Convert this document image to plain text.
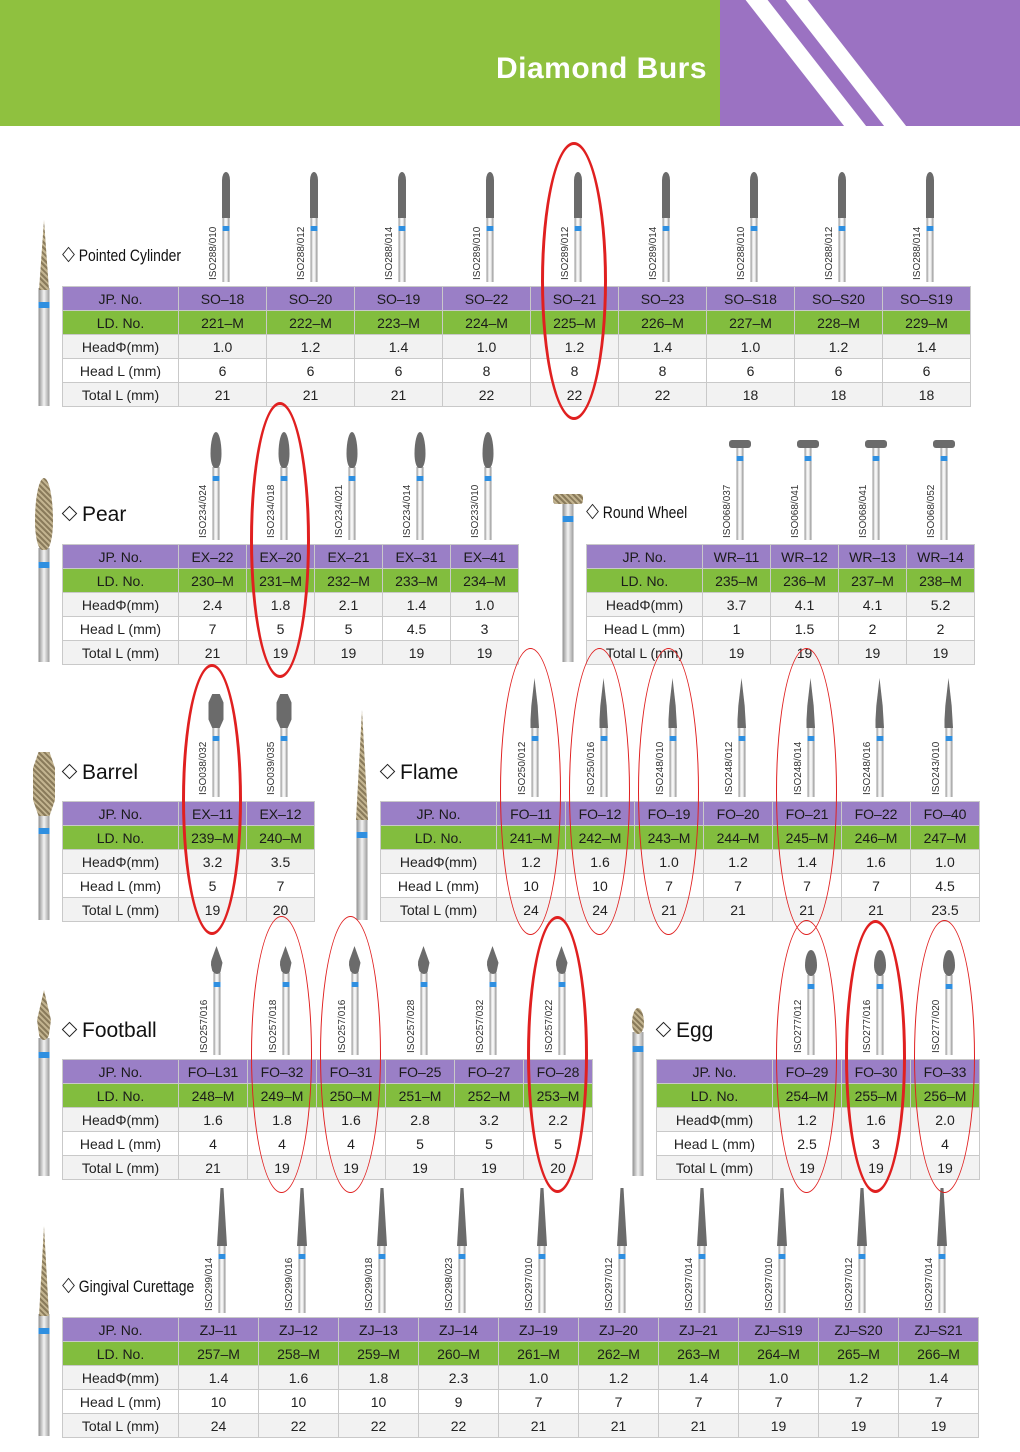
Diamond Burs
Pointed Cylinder
JP. No.	SO–18	SO–20	SO–19	SO–22	SO–21	SO–23	SO–S18	SO–S20	SO–S19
LD. No.	221–M	222–M	223–M	224–M	225–M	226–M	227–M	228–M	229–M
HeadΦ(mm)	1.0	1.2	1.4	1.0	1.2	1.4	1.0	1.2	1.4
Head L (mm)	6	6	6	8	8	8	6	6	6
Total L (mm)	21	21	21	22	22	22	18	18	18
ISO288/010	ISO288/012	ISO288/014	ISO289/010	ISO289/012	ISO289/014	ISO288/010	ISO288/012	ISO288/014
Pear
JP. No.	EX–22	EX–20	EX–21	EX–31	EX–41
LD. No.	230–M	231–M	232–M	233–M	234–M
HeadΦ(mm)	2.4	1.8	2.1	1.4	1.0
Head L (mm)	7	5	5	4.5	3
Total L (mm)	21	19	19	19	19
ISO234/024	ISO234/018	ISO234/021	ISO234/014	ISO233/010	Round Wheel
JP. No.	WR–11	WR–12	WR–13	WR–14
LD. No.	235–M	236–M	237–M	238–M
HeadΦ(mm)	3.7	4.1	4.1	5.2
Head L (mm)	1	1.5	2	2
Total L (mm)	19	19	19	19
ISO068/037	ISO068/041	ISO068/041	ISO068/052
Barrel
JP. No.	EX–11	EX–12
LD. No.	239–M	240–M
HeadΦ(mm)	3.2	3.5
Head L (mm)	5	7
Total L (mm)	19	20
ISO038/032	ISO039/035	Flame
JP. No.	FO–11	FO–12	FO–19	FO–20	FO–21	FO–22	FO–40
LD. No.	241–M	242–M	243–M	244–M	245–M	246–M	247–M
HeadΦ(mm)	1.2	1.6	1.0	1.2	1.4	1.6	1.0
Head L (mm)	10	10	7	7	7	7	4.5
Total L (mm)	24	24	21	21	21	21	23.5
ISO250/012	ISO250/016	ISO248/010	ISO248/012	ISO248/014	ISO248/016	ISO243/010
Football
JP. No.	FO–L31	FO–32	FO–31	FO–25	FO–27	FO–28
LD. No.	248–M	249–M	250–M	251–M	252–M	253–M
HeadΦ(mm)	1.6	1.8	1.6	2.8	3.2	2.2
Head L (mm)	4	4	4	5	5	5
Total L (mm)	21	19	19	19	19	20
ISO257/016	ISO257/018	ISO257/016	ISO257/028	ISO257/032	ISO257/022	Egg
JP. No.	FO–29	FO–30	FO–33
LD. No.	254–M	255–M	256–M
HeadΦ(mm)	1.2	1.6	2.0
Head L (mm)	2.5	3	4
Total L (mm)	19	19	19
ISO277/012	ISO277/016	ISO277/020
Gingival Curettage
JP. No.	ZJ–11	ZJ–12	ZJ–13	ZJ–14	ZJ–19	ZJ–20	ZJ–21	ZJ–S19	ZJ–S20	ZJ–S21
LD. No.	257–M	258–M	259–M	260–M	261–M	262–M	263–M	264–M	265–M	266–M
HeadΦ(mm)	1.4	1.6	1.8	2.3	1.0	1.2	1.4	1.0	1.2	1.4
Head L (mm)	10	10	10	9	7	7	7	7	7	7
Total L (mm)	24	22	22	22	21	21	21	19	19	19
ISO299/014	ISO299/016	ISO299/018	ISO298/023	ISO297/010	ISO297/012	ISO297/014	ISO297/010	ISO297/012	ISO297/014
